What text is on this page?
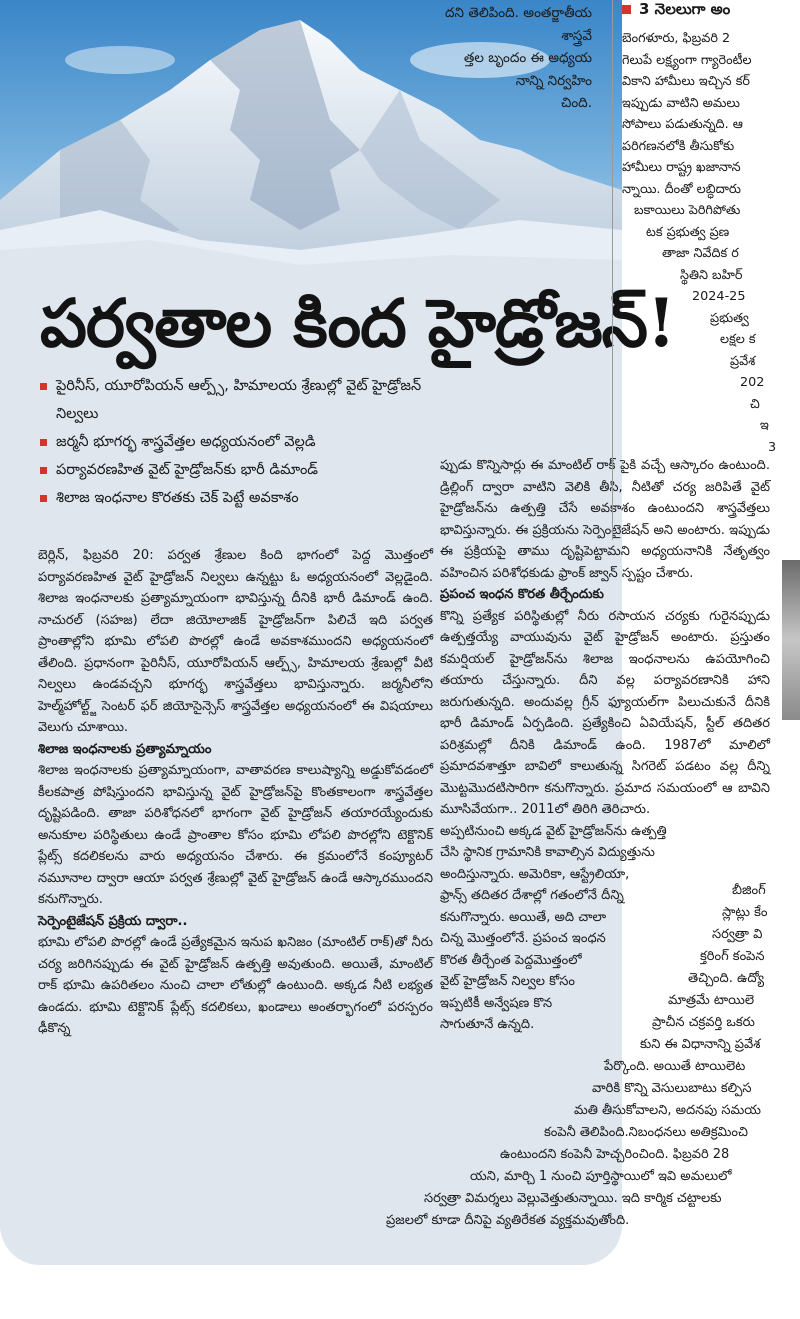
దని తెలిపింది. అంతర్జాతీయ శాస్త్రవే
త్తల బృందం ఈ అధ్యయ
నాన్ని నిర్వహిం
చింది.
పర్వతాల కింద హైడ్రోజన్!
పైరినీస్, యూరోపియన్ ఆల్ప్స్, హిమాలయ శ్రేణుల్లో వైట్ హైడ్రోజన్ నిల్వలు
జర్మనీ భూగర్భ శాస్త్రవేత్తల అధ్యయనంలో వెల్లడి
పర్యావరణహిత వైట్ హైడ్రోజన్‌కు భారీ డిమాండ్
శిలాజ ఇంధనాల కొరతకు చెక్ పెట్టే అవకాశం

బెర్లిన్, ఫిబ్రవరి 20: పర్వత శ్రేణుల కింది భాగంలో పెద్ద మొత్తంలో పర్యావరణహిత వైట్ హైడ్రోజన్ నిల్వలు ఉన్నట్టు ఓ అధ్యయనంలో వెల్లడైంది. శిలాజ ఇంధనాలకు ప్రత్యామ్నాయంగా భావిస్తున్న దీనికి భారీ డిమాండ్ ఉంది. నాచురల్ (సహజ) లేదా జియోలాజిక్ హైడ్రోజన్‌గా పిలిచే ఇది పర్వత ప్రాంతాల్లోని భూమి లోపలి పొరల్లో ఉండే అవకాశముందని అధ్యయనంలో తేలింది. ప్రధానంగా పైరినీస్, యూరోపియన్ ఆల్ప్స్, హిమాలయ శ్రేణుల్లో వీటి నిల్వలు ఉండవచ్చని భూగర్భ శాస్త్రవేత్తలు భావిస్తున్నారు. జర్మనీలోని హెల్మ్‌హోల్ట్జ్ సెంటర్ ఫర్ జియోసైన్సెస్ శాస్త్రవేత్తల అధ్యయనంలో ఈ విషయాలు వెలుగు చూశాయి.

శిలాజ ఇంధనాలకు ప్రత్యామ్నాయం

శిలాజ ఇంధనాలకు ప్రత్యామ్నాయంగా, వాతావరణ కాలుష్యాన్ని అడ్డుకోవడంలో కీలకపాత్ర పోషిస్తుందని భావిస్తున్న వైట్ హైడ్రోజన్‌పై కొంతకాలంగా శాస్త్రవేత్తల దృష్టిపడింది. తాజా పరిశోధనలో భాగంగా వైట్ హైడ్రోజన్ తయారయ్యేందుకు అనుకూల పరిస్థితులు ఉండే ప్రాంతాల కోసం భూమి లోపలి పొరల్లోని టెక్టొనిక్ ప్లేట్స్ కదలికలను వారు అధ్యయనం చేశారు. ఈ క్రమంలోనే కంప్యూటర్ నమూనాల ద్వారా ఆయా పర్వత శ్రేణుల్లో వైట్ హైడ్రోజన్ ఉండే ఆస్కారముందని కనుగొన్నారు.

సెర్పెంటైజేషన్ ప్రక్రియ ద్వారా..

భూమి లోపలి పొరల్లో ఉండే ప్రత్యేకమైన ఇనుప ఖనిజం (మాంటిల్ రాక్)తో నీరు చర్య జరిగినప్పుడు ఈ వైట్ హైడ్రోజన్ ఉత్పత్తి అవుతుంది. అయితే, మాంటిల్ రాక్ భూమి ఉపరితలం నుంచి చాలా లోతుల్లో ఉంటుంది. అక్కడ నీటి లభ్యత ఉండదు. భూమి టెక్టొనిక్ ప్లేట్స్ కదలికలు, ఖండాలు అంతర్భాగంలో పరస్పరం ఢీకొన్న

ప్పుడు కొన్నిసార్లు ఈ మాంటిల్ రాక్ పైకి వచ్చే ఆస్కారం ఉంటుంది. డ్రిల్లింగ్ ద్వారా వాటిని వెలికి తీసి, నీటితో చర్య జరిపితే వైట్ హైడ్రోజన్‌ను ఉత్పత్తి చేసే అవకాశం ఉంటుందని శాస్త్రవేత్తలు భావిస్తున్నారు. ఈ ప్రక్రియను సెర్పెంటైజేషన్ అని అంటారు. ఇప్పుడు ఈ ప్రక్రియపై తాము దృష్టిపెట్టామని అధ్యయనానికి నేతృత్వం వహించిన పరిశోధకుడు ఫ్రాంక్ జ్వాన్ స్పష్టం చేశారు.

ప్రపంచ ఇంధన కొరత తీర్చేందుకు

కొన్ని ప్రత్యేక పరిస్థితుల్లో నీరు రసాయన చర్యకు గురైనప్పుడు ఉత్పత్తయ్యే వాయువును వైట్ హైడ్రోజన్ అంటారు. ప్రస్తుతం కమర్షియల్ హైడ్రోజన్‌ను శిలాజ ఇంధనాలను ఉపయోగించి తయారు చేస్తున్నారు. దీని వల్ల పర్యావరణానికి హాని జరుగుతున్నది. అందువల్ల గ్రీన్ ఫ్యూయల్‌గా పిలుచుకునే దీనికి భారీ డిమాండ్ ఏర్పడింది. ప్రత్యేకించి ఏవియేషన్, స్టీల్ తదితర పరిశ్రమల్లో దీనికి డిమాండ్ ఉంది. 1987లో మాలిలో ప్రమాదవశాత్తూ బావిలో కాలుతున్న సిగరెట్ పడటం వల్ల దీన్ని మొట్టమొదటిసారిగా కనుగొన్నారు. ప్రమాద సమయంలో ఆ బావిని మూసివేయగా.. 2011లో తిరిగి తెరిచారు.

అప్పటినుంచి అక్కడ వైట్ హైడ్రోజన్‌ను ఉత్పత్తి
చేసి స్థానిక గ్రామానికి కావాల్సిన విద్యుత్తును
అందిస్తున్నారు. అమెరికా, ఆస్ట్రేలియా,
ఫ్రాన్స్ తదితర దేశాల్లో గతంలోనే దీన్ని
కనుగొన్నారు. అయితే, అది చాలా
చిన్న మొత్తంలోనే. ప్రపంచ ఇంధన
కొరత తీర్చేంత పెద్దమొత్తంలో
వైట్ హైడ్రోజన్ నిల్వల కోసం
ఇప్పటికీ అన్వేషణ కొన
సాగుతూనే ఉన్నది.
3 నెలలుగా అం
బెంగళూరు, ఫిబ్రవరి 2
గెలుపే లక్ష్యంగా గ్యారెంటీల
వికాని హామీలు ఇచ్చిన కర్
ఇప్పుడు వాటిని అమలు
సోపాలు పడుతున్నది. ఆ
పరిగణనలోకి తీసుకోకు
హామీలు రాష్ట్ర ఖజానాన
న్నాయి. దీంతో లబ్ధిదారు
బకాయిలు పెరిగిపోతు
టక ప్రభుత్వ ప్రణ
తాజా నివేదిక ర
స్థితిని బహిర్
2024-25
ప్రభుత్వ
లక్షల క
ప్రవేశ
202
చి
ఇ
3
బీజింగ్
స్లాట్లు కేం
సర్వత్రా వి
క్తరింగ్ కంపెన
తెచ్చింది. ఉద్యో
మాత్రమే టాయిలె
ప్రాచీన చక్రవర్తి ఒకరు
కుని ఈ విధానాన్ని ప్రవేశ
పేర్కొంది. అయితే టాయిలెట
వారికి కొన్ని వెసులుబాటు కల్పిస
మతి తీసుకోవాలని, అదనపు సమయ
కంపెనీ తెలిపింది.నిబంధనలు అతిక్రమించి
ఉంటుందని కంపెనీ హెచ్చరించింది. ఫిబ్రవరి 28
యని, మార్చి 1 నుంచి పూర్తిస్థాయిలో ఇవి అమలులో
సర్వత్రా విమర్శలు వెల్లువెత్తుతున్నాయి. ఇది కార్మిక చట్టాలకు
ప్రజలలో కూడా దీనిపై వ్యతిరేకత వ్యక్తమవుతోంది.
